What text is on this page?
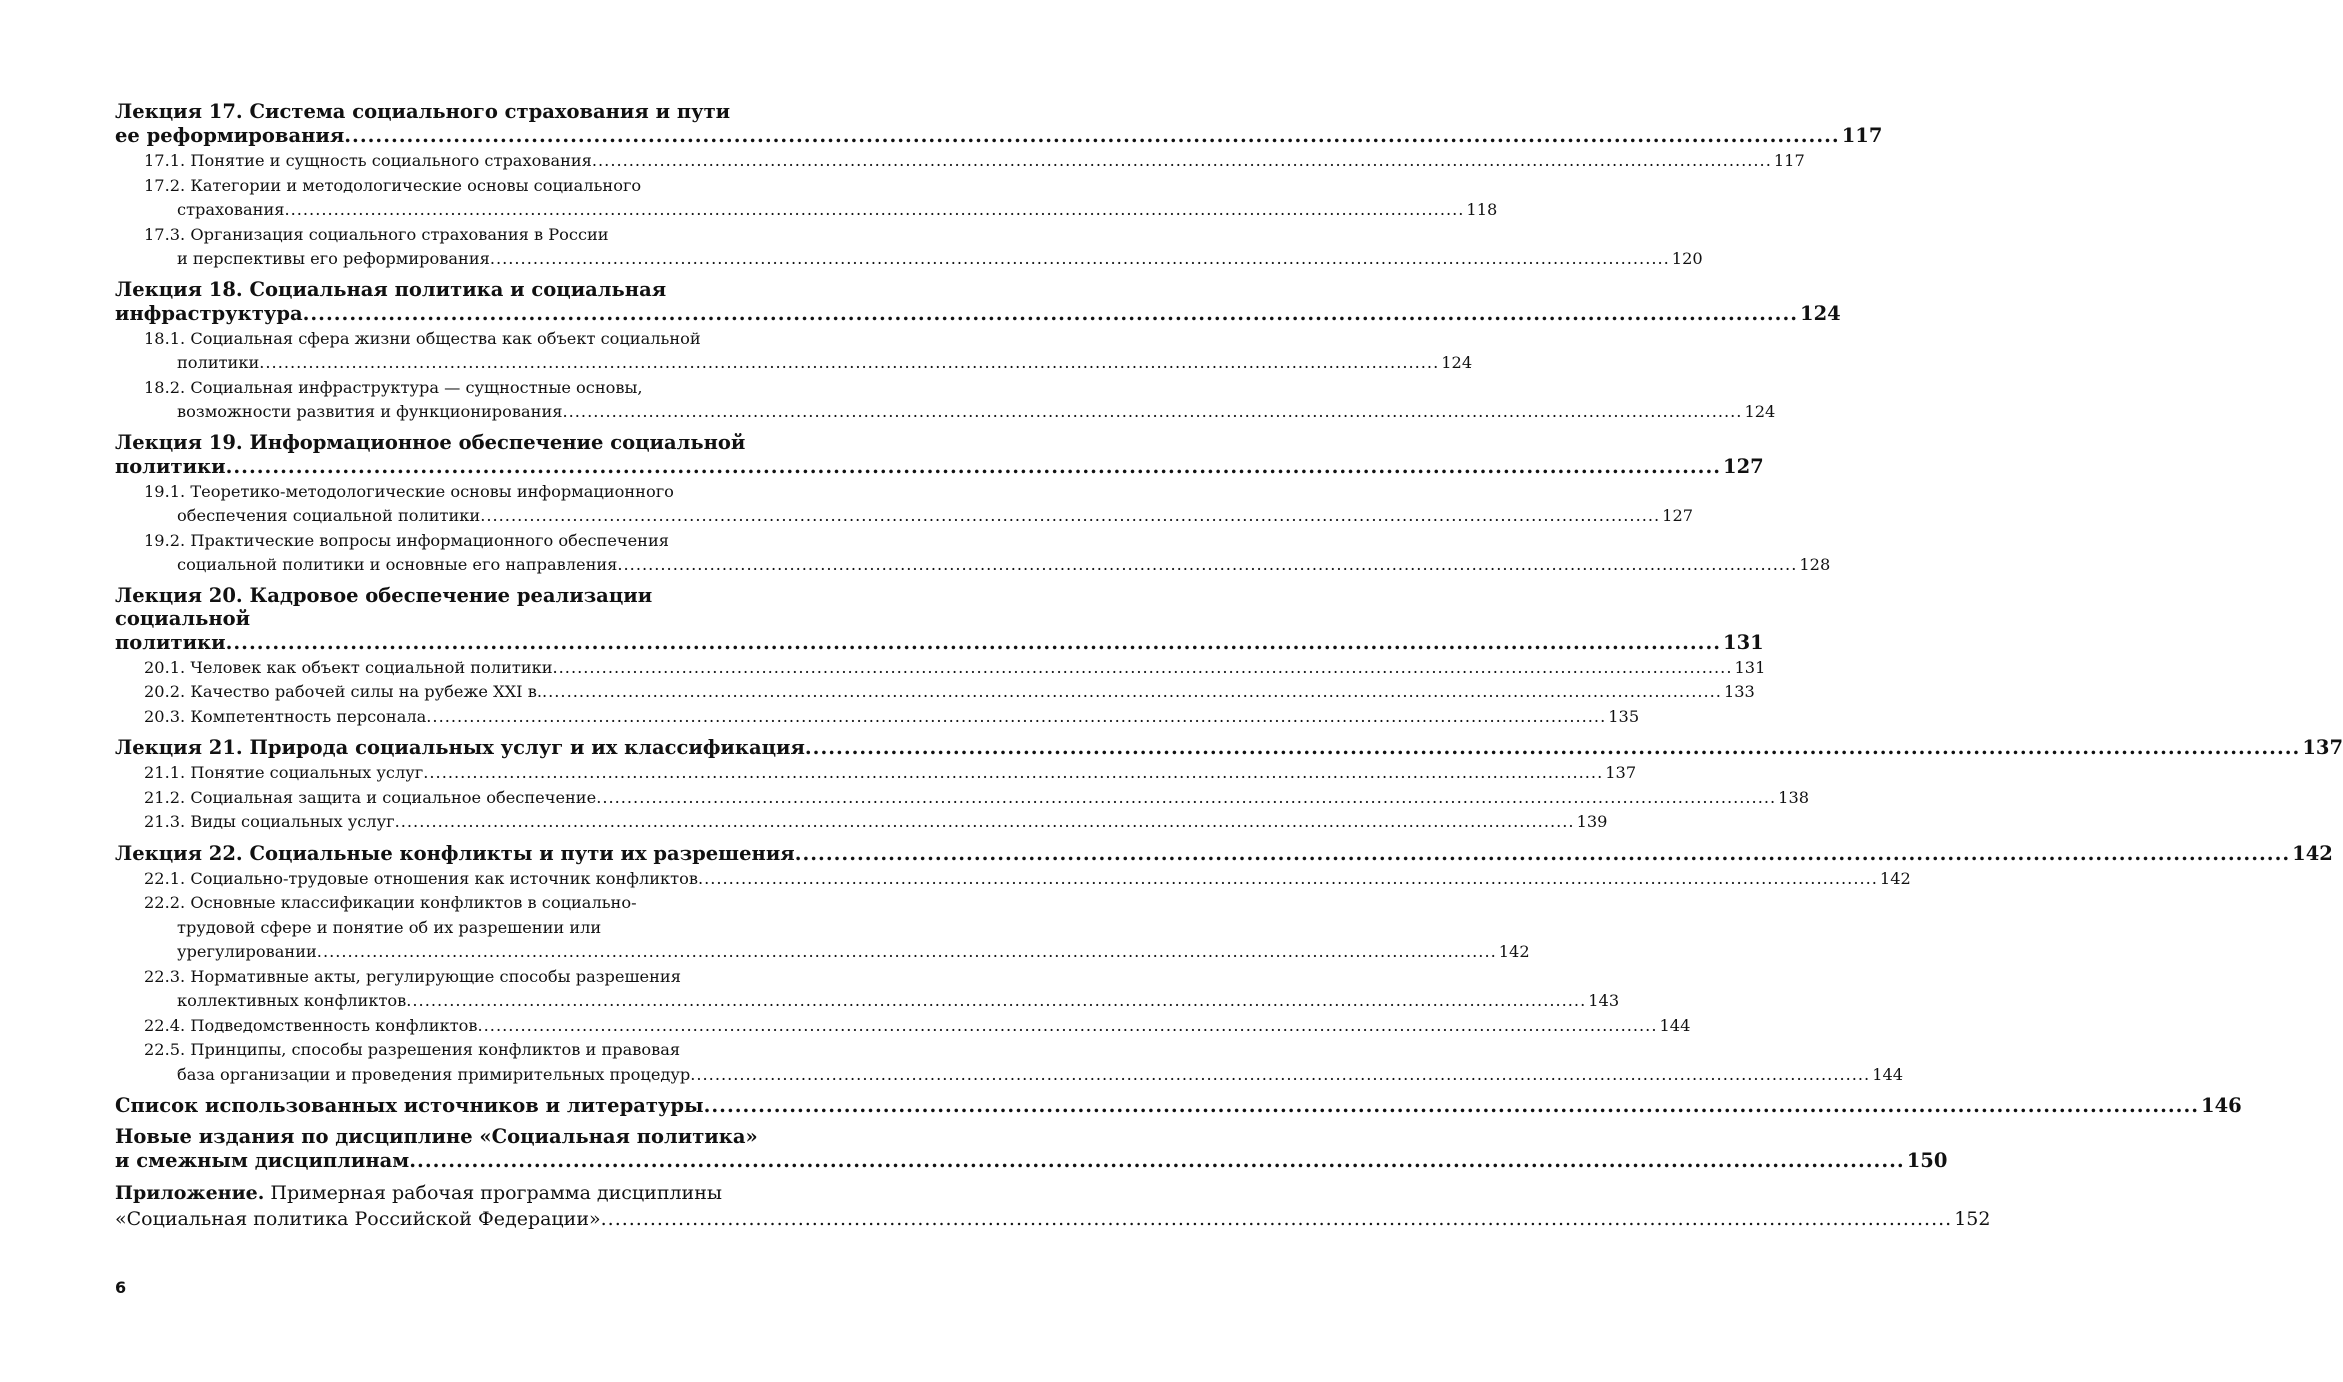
Лекция 17. Система социального страхования и пути
ее реформирования .....	117
17.1. Понятие и сущность социального страхования .....	117
17.2. Категории и методологические основы социального
страхования .....	118
17.3. Организация социального страхования в России
и перспективы его реформирования .....	120
Лекция 18. Социальная политика и социальная
инфраструктура .....	124
18.1. Социальная сфера жизни общества как объект социальной
политики .....	124
18.2. Социальная инфраструктура — сущностные основы,
возможности развития и функционирования .....	124
Лекция 19. Информационное обеспечение социальной
политики .....	127
19.1. Теоретико-методологические основы информационного
обеспечения социальной политики .....	127
19.2. Практические вопросы информационного обеспечения
социальной политики и основные его направления .....	128
Лекция 20. Кадровое обеспечение реализации социальной
политики .....	131
20.1. Человек как объект социальной политики .....	131
20.2. Качество рабочей силы на рубеже XXI в. .....	133
20.3. Компетентность персонала .....	135
Лекция 21. Природа социальных услуг и их классификация .....	137
21.1. Понятие социальных услуг .....	137
21.2. Социальная защита и социальное обеспечение .....	138
21.3. Виды социальных услуг .....	139
Лекция 22. Социальные конфликты и пути их разрешения .....	142
22.1. Социально-трудовые отношения как источник конфликтов .....	142
22.2. Основные классификации конфликтов в социально-
трудовой сфере и понятие об их разрешении или
урегулировании .....	142
22.3. Нормативные акты, регулирующие способы разрешения
коллективных конфликтов .....	143
22.4. Подведомственность конфликтов .....	144
22.5. Принципы, способы разрешения конфликтов и правовая
база организации и проведения примирительных процедур .....	144
Список использованных источников и литературы .....	146
Новые издания по дисциплине «Социальная политика»
и смежным дисциплинам .....	150
Приложение. Примерная рабочая программа дисциплины
«Социальная политика Российской Федерации» .....	152
6
